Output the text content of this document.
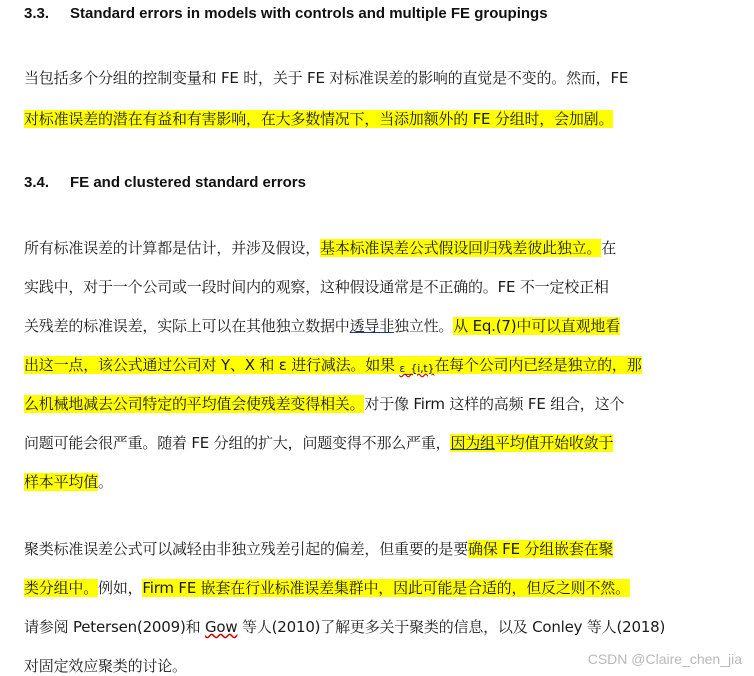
3.3. Standard errors in models with controls and multiple FE groupings
当包括多个分组的控制变量和 FE 时，关于 FE 对标准误差的影响的直觉是不变的。然而，FE
对标准误差的潜在有益和有害影响，在大多数情况下，当添加额外的 FE 分组时，会加剧。
3.4. FE and clustered standard errors
所有标准误差的计算都是估计，并涉及假设，基本标准误差公式假设回归残差彼此独立。在
实践中，对于一个公司或一段时间内的观察，这种假设通常是不正确的。FE 不一定校正相
关残差的标准误差，实际上可以在其他独立数据中透导非独立性。从 Eq.(7)中可以直观地看
出这一点，该公式通过公司对 Y、X 和 ε 进行减法。如果 ε_{i,t}在每个公司内已经是独立的，那
么机械地减去公司特定的平均值会使残差变得相关。对于像 Firm 这样的高频 FE 组合，这个
问题可能会很严重。随着 FE 分组的扩大，问题变得不那么严重，因为组平均值开始收敛于
样本平均值。
聚类标准误差公式可以减轻由非独立残差引起的偏差，但重要的是要确保 FE 分组嵌套在聚
类分组中。例如，Firm FE 嵌套在行业标准误差集群中，因此可能是合适的，但反之则不然。
请参阅 Petersen(2009)和 Gow 等人(2010)了解更多关于聚类的信息，以及 Conley 等人(2018)
对固定效应聚类的讨论。	CSDN @Claire_chen_jia
